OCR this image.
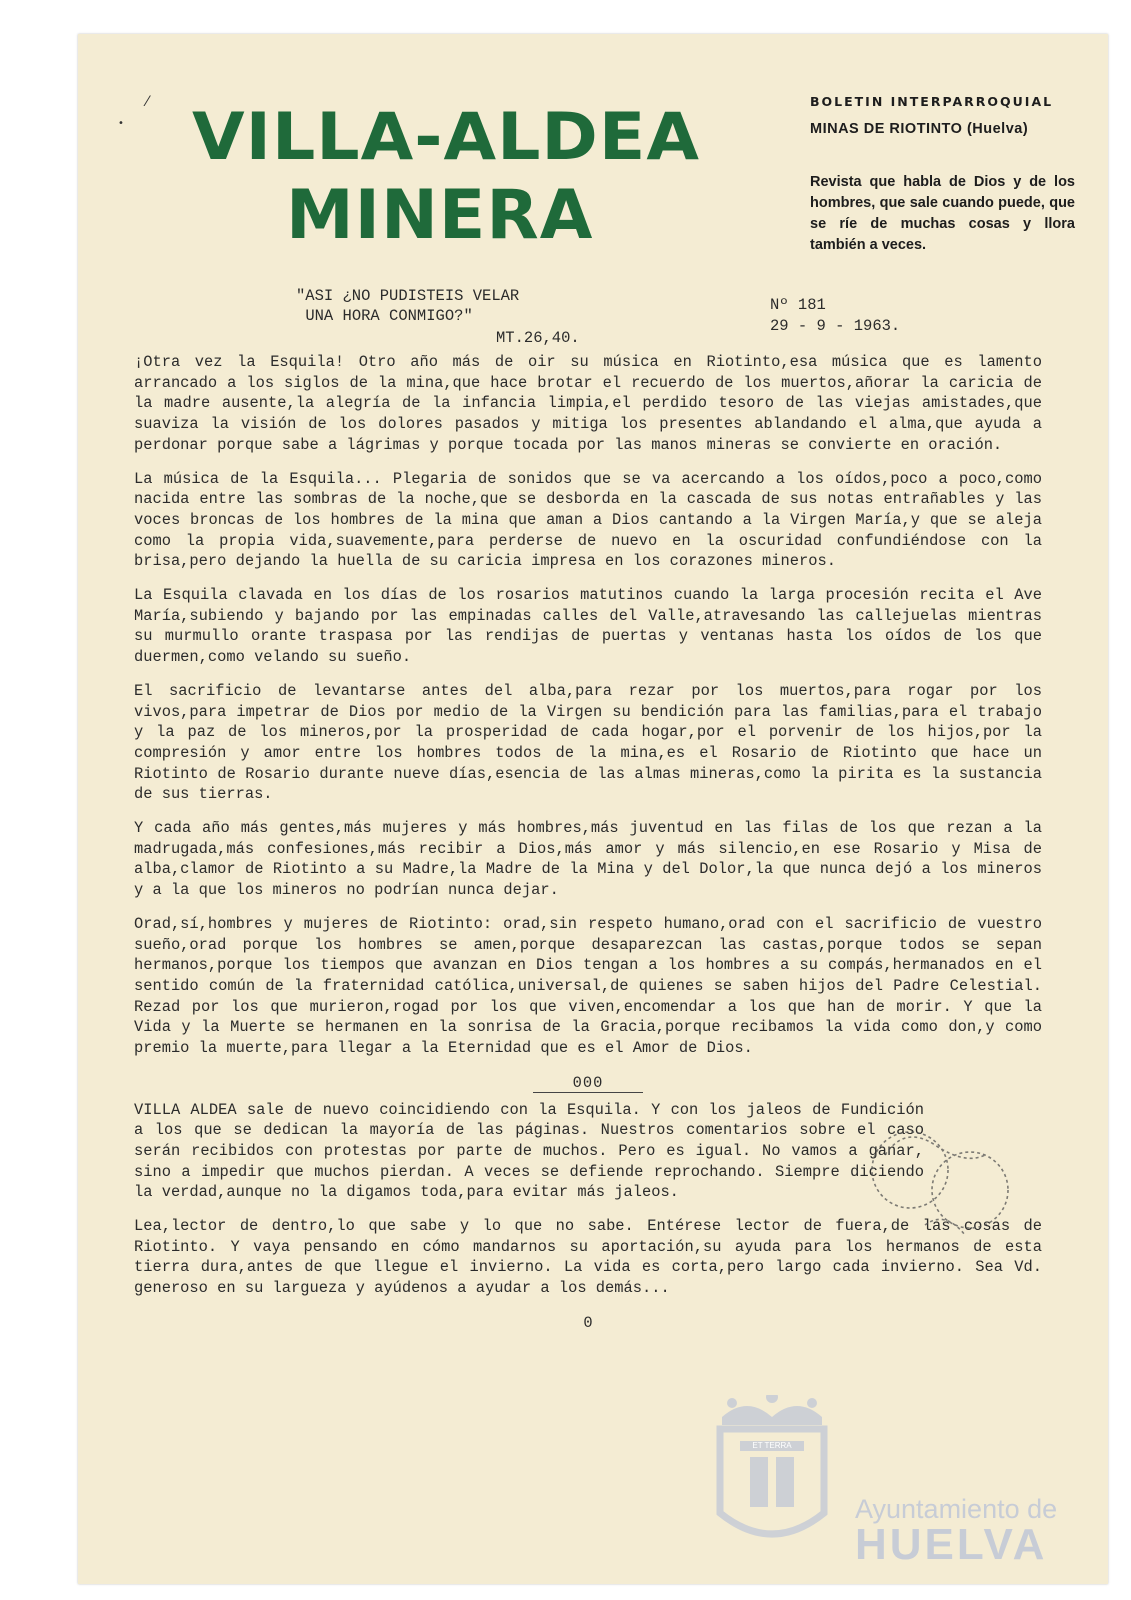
⁄
•	VILLA-ALDEA
MINERA
BOLETIN INTERPARROQUIAL
MINAS DE RIOTINTO (Huelva)
Revista que habla de Dios y de los hombres, que sale cuando puede, que se ríe de muchas cosas y llora también a veces.
"ASI ¿NO PUDISTEIS VELAR
UNA HORA CONMIGO?"
MT.26,40.
Nº 181
29 - 9 - 1963.

¡Otra vez la Esquila! Otro año más de oir su música en Riotinto,esa música que es lamento arrancado a los siglos de la mina,que hace brotar el recuerdo de los muertos,añorar la caricia de la madre ausente,la alegría de la infancia limpia,el perdido tesoro de las viejas amistades,que suaviza la visión de los dolores pasados y mitiga los presentes ablandando el alma,que ayuda a perdonar porque sabe a lágrimas y porque tocada por las manos mineras se convierte en oración.

La música de la Esquila... Plegaria de sonidos que se va acercando a los oídos,poco a poco,como nacida entre las sombras de la noche,que se desborda en la cascada de sus notas entrañables y las voces broncas de los hombres de la mina que aman a Dios cantando a la Virgen María,y que se aleja como la propia vida,suavemente,para perderse de nuevo en la oscuridad confundiéndose con la brisa,pero dejando la huella de su caricia impresa en los corazones mineros.

La Esquila clavada en los días de los rosarios matutinos cuando la larga procesión recita el Ave María,subiendo y bajando por las empinadas calles del Valle,atravesando las callejuelas mientras su murmullo orante traspasa por las rendijas de puertas y ventanas hasta los oídos de los que duermen,como velando su sueño.

El sacrificio de levantarse antes del alba,para rezar por los muertos,para rogar por los vivos,para impetrar de Dios por medio de la Virgen su bendición para las familias,para el trabajo y la paz de los mineros,por la prosperidad de cada hogar,por el porvenir de los hijos,por la compresión y amor entre los hombres todos de la mina,es el Rosario de Riotinto que hace un Riotinto de Rosario durante nueve días,esencia de las almas mineras,como la pirita es la sustancia de sus tierras.

Y cada año más gentes,más mujeres y más hombres,más juventud en las filas de los que rezan a la madrugada,más confesiones,más recibir a Dios,más amor y más silencio,en ese Rosario y Misa de alba,clamor de Riotinto a su Madre,la Madre de la Mina y del Dolor,la que nunca dejó a los mineros y a la que los mineros no podrían nunca dejar.

Orad,sí,hombres y mujeres de Riotinto: orad,sin respeto humano,orad con el sacrificio de vuestro sueño,orad porque los hombres se amen,porque desaparezcan las castas,porque todos se sepan hermanos,porque los tiempos que avanzan en Dios tengan a los hombres a su compás,hermanados en el sentido común de la fraternidad católica,universal,de quienes se saben hijos del Padre Celestial. Rezad por los que murieron,rogad por los que viven,encomendar a los que han de morir. Y que la Vida y la Muerte se hermanen en la sonrisa de la Gracia,porque recibamos la vida como don,y como premio la muerte,para llegar a la Eternidad que es el Amor de Dios.

000

VILLA ALDEA sale de nuevo coincidiendo con la Esquila. Y con los jaleos de Fundición a los que se dedican la mayoría de las páginas. Nuestros comentarios sobre el caso serán recibidos con protestas por parte de muchos. Pero es igual. No vamos a ganar, sino a impedir que muchos pierdan. A veces se defiende reprochando. Siempre diciendo la verdad,aunque no la digamos toda,para evitar más jaleos.

Lea,lector de dentro,lo que sabe y lo que no sabe. Entérese lector de fuera,de las cosas de Riotinto. Y vaya pensando en cómo mandarnos su aportación,su ayuda para los hermanos de esta tierra dura,antes de que llegue el invierno. La vida es corta,pero largo cada invierno. Sea Vd. generoso en su largueza y ayúdenos a ayudar a los demás...

0

ET TERRA
Ayuntamiento de
HUELVA
